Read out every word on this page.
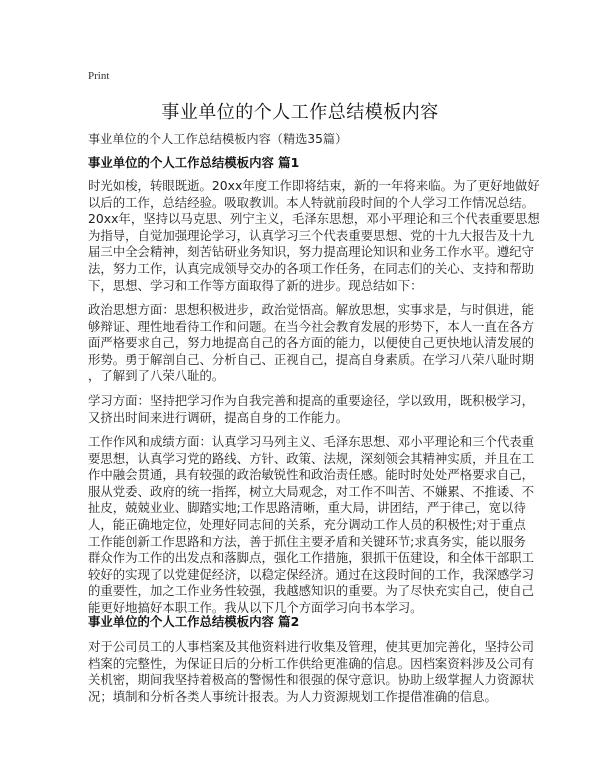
Print
事业单位的个人工作总结模板内容
事业单位的个人工作总结模板内容（精选35篇）
事业单位的个人工作总结模板内容 篇1
时光如梭，转眼既逝。20xx年度工作即将结束，新的一年将来临。为了更好地做好
以后的工作，总结经验。吸取教训。本人特就前段时间的个人学习工作情况总结。
20xx年，坚持以马克思、列宁主义，毛泽东思想，邓小平理论和三个代表重要思想
为指导，自觉加强理论学习，认真学习三个代表重要思想、党的十九大报告及十九
届三中全会精神，刻苦钻研业务知识，努力提高理论知识和业务工作水平。遵纪守
法，努力工作，认真完成领导交办的各项工作任务，在同志们的关心、支持和帮助
下，思想、学习和工作等方面取得了新的进步。现总结如下：
政治思想方面：思想积极进步，政治觉悟高。解放思想，实事求是，与时俱进，能
够辩证、理性地看待工作和问题。在当今社会教育发展的形势下，本人一直在各方
面严格要求自己，努力地提高自己的各方面的能力，以便使自己更快地认清发展的
形势。勇于解剖自己、分析自己、正视自己，提高自身素质。在学习八荣八耻时期
，了解到了八荣八耻的。
学习方面：坚持把学习作为自我完善和提高的重要途径，学以致用，既积极学习，
又挤出时间来进行调研，提高自身的工作能力。
工作作风和成绩方面：认真学习马列主义、毛泽东思想、邓小平理论和三个代表重
要思想，认真学习党的路线、方针、政策、法规，深刻领会其精神实质，并且在工
作中融会贯通，具有较强的政治敏锐性和政治责任感。能时时处处严格要求自己，
服从党委、政府的统一指挥，树立大局观念，对工作不叫苦、不嫌累、不推诿、不
扯皮，兢兢业业、脚踏实地;工作思路清晰，重大局，讲团结，严于律己，宽以待
人，能正确地定位，处理好同志间的关系，充分调动工作人员的积极性;对于重点
工作能创新工作思路和方法，善于抓住主要矛盾和关键环节;求真务实，能以服务
群众作为工作的出发点和落脚点，强化工作措施，狠抓干伍建设，和全体干部职工
较好的实现了以党建促经济，以稳定保经济。通过在这段时间的工作，我深感学习
的重要性，加之工作业务性较强，我越感知识的重要。为了尽快充实自己，使自己
能更好地搞好本职工作。我从以下几个方面学习向书本学习。
事业单位的个人工作总结模板内容 篇2
对于公司员工的人事档案及其他资料进行收集及管理，使其更加完善化，坚持公司
档案的完整性，为保证日后的分析工作供给更准确的信息。因档案资料涉及公司有
关机密，期间我坚持着极高的警惕性和很强的保守意识。协助上级掌握人力资源状
况；填制和分析各类人事统计报表。为人力资源规划工作提借准确的信息。
